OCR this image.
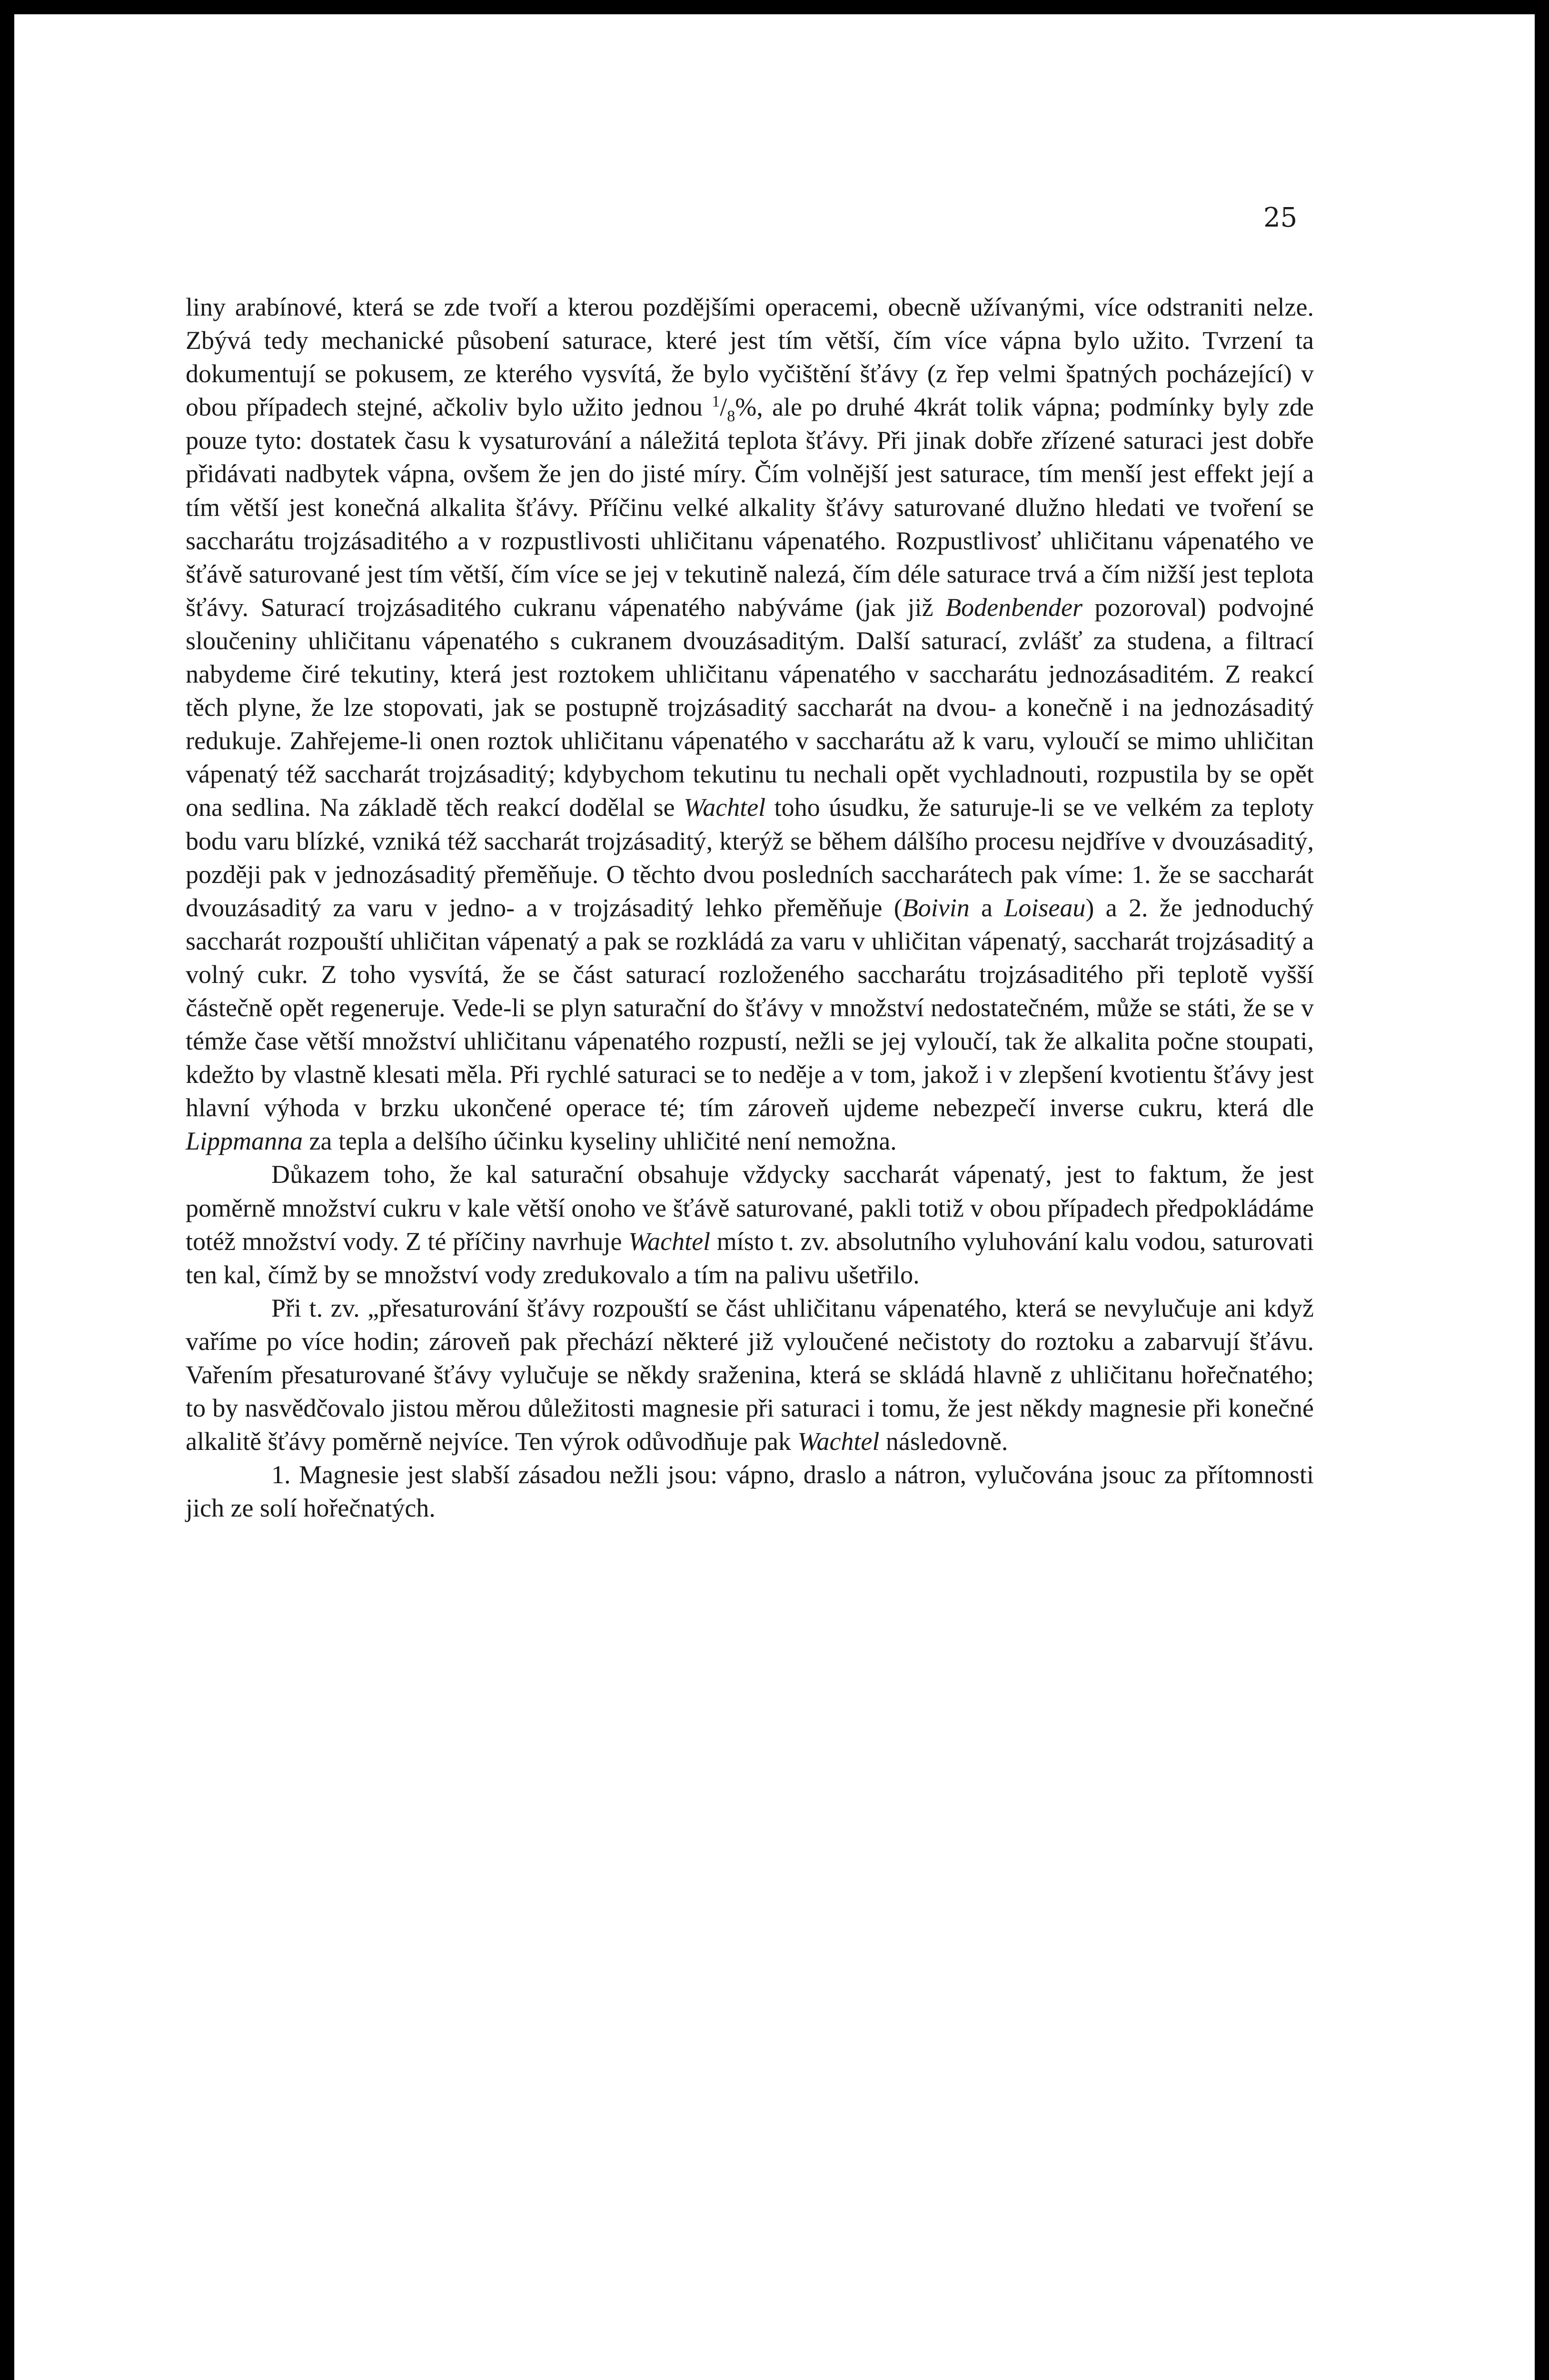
25

liny arabínové, která se zde tvoří a kterou pozdějšími operacemi, obecně užívanými, více odstraniti nelze. Zbývá tedy mechanické působení saturace, které jest tím větší, čím více vápna bylo užito. Tvrzení ta dokumentují se pokusem, ze kterého vysvítá, že bylo vyčištění šťávy (z řep velmi špatných pocházející) v obou případech stejné, ačkoliv bylo užito jednou $^1/_8\%$, ale po druhé 4krát tolik vápna; podmínky byly zde pouze tyto: dostatek času k vysaturování a náležitá teplota šťávy. Při jinak dobře zřízené saturaci jest dobře přidávati nadbytek vápna, ovšem že jen do jisté míry. Čím volnější jest saturace, tím menší jest effekt její a tím větší jest konečná alkalita šťávy. Příčinu velké alkality šťávy saturované dlužno hledati ve tvoření se saccharátu trojzásaditého a v rozpustlivosti uhličitanu vápenatého. Rozpustlivosť uhličitanu vápenatého ve šťávě saturované jest tím větší, čím více se jej v tekutině nalezá, čím déle saturace trvá a čím nižší jest teplota šťávy. Saturací trojzásaditého cukranu vápenatého nabýváme (jak již Bodenbender pozoroval) podvojné sloučeniny uhličitanu vápenatého s cukranem dvouzásaditým. Další saturací, zvlášť za studena, a filtrací nabydeme čiré tekutiny, která jest roztokem uhličitanu vápenatého v saccharátu jednozásaditém. Z reakcí těch plyne, že lze stopovati, jak se postupně trojzásaditý saccharát na dvou- a konečně i na jednozásaditý redukuje. Zahřejeme-li onen roztok uhličitanu vápenatého v saccharátu až k varu, vyloučí se mimo uhličitan vápenatý též saccharát trojzásaditý; kdybychom tekutinu tu nechali opět vychladnouti, rozpustila by se opět ona sedlina. Na základě těch reakcí dodělal se Wachtel toho úsudku, že saturuje-li se ve velkém za teploty bodu varu blízké, vzniká též saccharát trojzásaditý, kterýž se během dálšího procesu nejdříve v dvouzásaditý, později pak v jednozásaditý přeměňuje. O těchto dvou posledních saccharátech pak víme: 1. že se saccharát dvouzásaditý za varu v jedno- a v trojzásaditý lehko přeměňuje (Boivin a Loiseau) a 2. že jednoduchý saccharát rozpouští uhličitan vápenatý a pak se rozkládá za varu v uhličitan vápenatý, saccharát trojzásaditý a volný cukr. Z toho vysvítá, že se část saturací rozloženého saccharátu trojzásaditého při teplotě vyšší částečně opět regeneruje. Vede-li se plyn saturační do šťávy v množství nedostatečném, může se státi, že se v témže čase větší množství uhličitanu vápenatého rozpustí, nežli se jej vyloučí, tak že alkalita počne stoupati, kdežto by vlastně klesati měla. Při rychlé saturaci se to neděje a v tom, jakož i v zlepšení kvotientu šťávy jest hlavní výhoda v brzku ukončené operace té; tím zároveň ujdeme nebezpečí inverse cukru, která dle Lippmanna za tepla a delšího účinku kyseliny uhličité není nemožna.

Důkazem toho, že kal saturační obsahuje vždycky saccharát vápenatý, jest to faktum, že jest poměrně množství cukru v kale větší onoho ve šťávě saturované, pakli totiž v obou případech předpokládáme totéž množství vody. Z té příčiny navrhuje Wachtel místo t. zv. absolutního vyluhování kalu vodou, saturovati ten kal, čímž by se množství vody zredukovalo a tím na palivu ušetřilo.

Při t. zv. „přesaturování šťávy rozpouští se část uhličitanu vápenatého, která se nevylučuje ani když vaříme po více hodin; zároveň pak přechází některé již vyloučené nečistoty do roztoku a zabarvují šťávu. Vařením přesaturované šťávy vylučuje se někdy sraženina, která se skládá hlavně z uhličitanu hořečnatého; to by nasvědčovalo jistou měrou důležitosti magnesie při saturaci i tomu, že jest někdy magnesie při konečné alkalitě šťávy poměrně nejvíce. Ten výrok odůvodňuje pak Wachtel následovně.

1. Magnesie jest slabší zásadou nežli jsou: vápno, draslo a nátron, vylučována jsouc za přítomnosti jich ze solí hořečnatých.
